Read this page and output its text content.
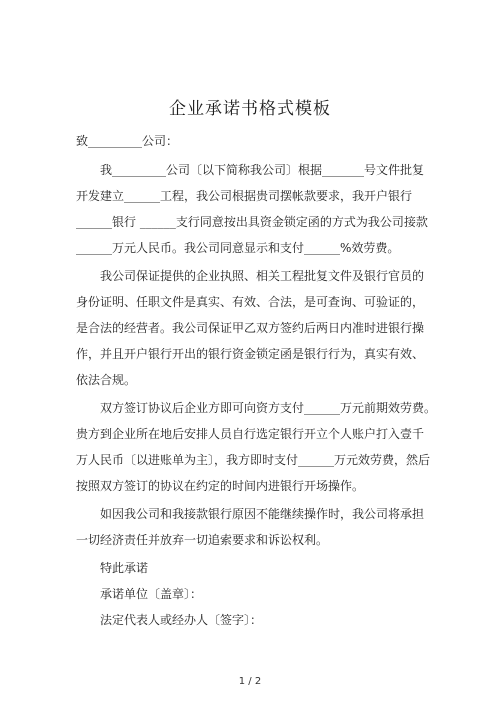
企业承诺书格式模板
致_________公司：
我_________公司〔以下简称我公司〕根据_______号文件批复
开发建立______工程，我公司根据贵司摆帐款要求，我开户银行
______银行 ______支行同意按出具资金锁定函的方式为我公司接款
______万元人民币。我公司同意显示和支付______%效劳费。
我公司保证提供的企业执照、相关工程批复文件及银行官员的
身份证明、任职文件是真实、有效、合法，是可查询、可验证的，
是合法的经营者。我公司保证甲乙双方签约后两日内准时进银行操
作，并且开户银行开出的银行资金锁定函是银行行为，真实有效、
依法合规。
双方签订协议后企业方即可向资方支付______万元前期效劳费。
贵方到企业所在地后安排人员自行选定银行开立个人账户打入壹千
万人民币〔以进账单为主〕，我方即时支付______万元效劳费，然后
按照双方签订的协议在约定的时间内进银行开场操作。
如因我公司和我接款银行原因不能继续操作时，我公司将承担
一切经济责任并放弃一切追索要求和诉讼权利。
特此承诺
承诺单位〔盖章〕：
法定代表人或经办人〔签字〕：
1 / 2
